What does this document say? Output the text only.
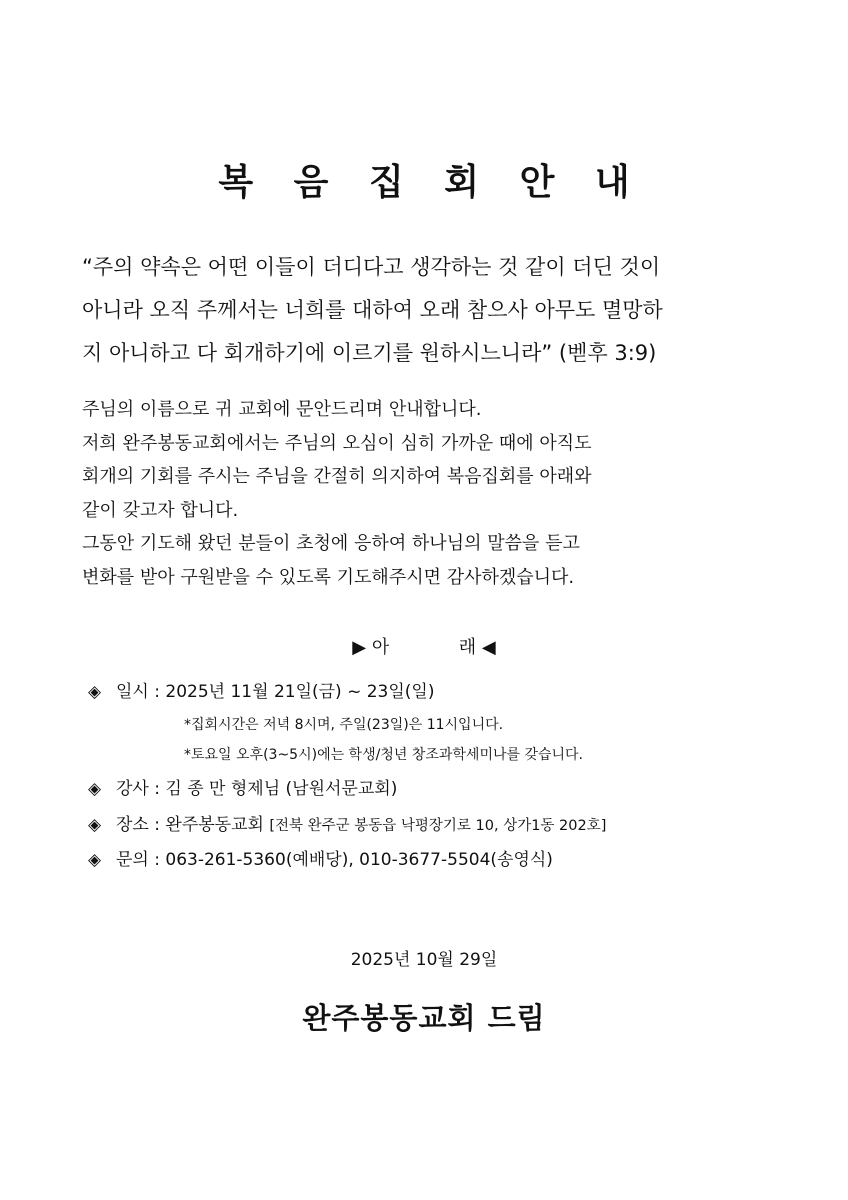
복 음 집 회 안 내
“주의 약속은 어떤 이들이 더디다고 생각하는 것 같이 더딘 것이
아니라 오직 주께서는 너희를 대하여 오래 참으사 아무도 멸망하
지 아니하고 다 회개하기에 이르기를 원하시느니라” (벧후 3:9)
주님의 이름으로 귀 교회에 문안드리며 안내합니다.
저희 완주봉동교회에서는 주님의 오심이 심히 가까운 때에 아직도
회개의 기회를 주시는 주님을 간절히 의지하여 복음집회를 아래와
같이 갖고자 합니다.
그동안 기도해 왔던 분들이 초청에 응하여 하나님의 말씀을 듣고
변화를 받아 구원받을 수 있도록 기도해주시면 감사하겠습니다.
▶ 아	래 ◀
◈ 일시 : 2025년 11월 21일(금) ~ 23일(일)
*집회시간은 저녁 8시며, 주일(23일)은 11시입니다.
*토요일 오후(3~5시)에는 학생/청년 창조과학세미나를 갖습니다.
◈ 강사 : 김 종 만 형제님 (남원서문교회)
◈ 장소 : 완주봉동교회 [전북 완주군 봉동읍 낙평장기로 10, 상가1동 202호]
◈ 문의 : 063-261-5360(예배당), 010-3677-5504(송영식)
2025년 10월 29일
완주봉동교회 드림
